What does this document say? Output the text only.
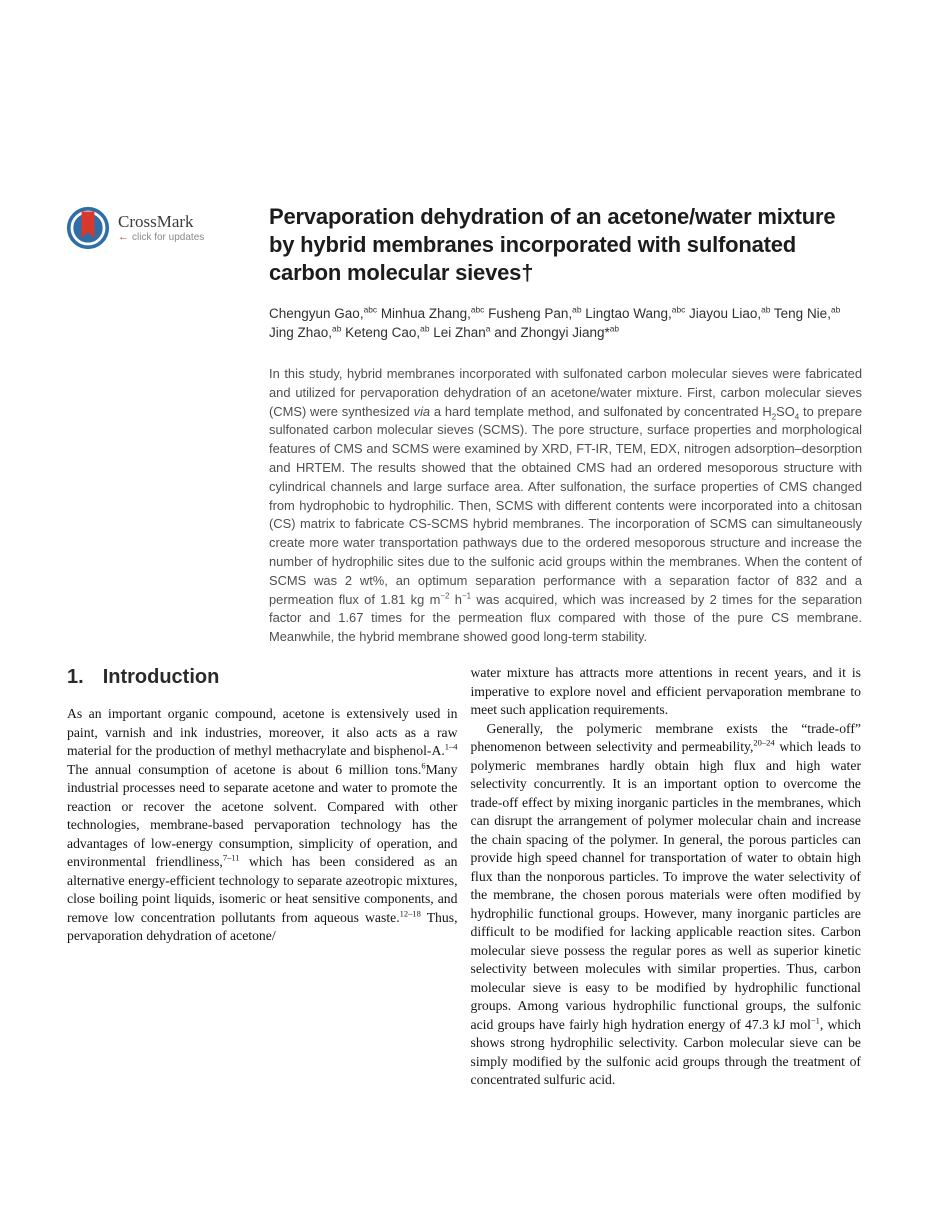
CrossMark
← click for updates
Pervaporation dehydration of an acetone/water mixture by hybrid membranes incorporated with sulfonated carbon molecular sieves†

Chengyun Gao,$^{abc}$ Minhua Zhang,$^{abc}$ Fusheng Pan,$^{ab}$ Lingtao Wang,$^{abc}$ Jiayou Liao,$^{ab}$ Teng Nie,$^{ab}$ Jing Zhao,$^{ab}$ Keteng Cao,$^{ab}$ Lei Zhan$^a$ and Zhongyi Jiang*$^{ab}$

In this study, hybrid membranes incorporated with sulfonated carbon molecular sieves were fabricated and utilized for pervaporation dehydration of an acetone/water mixture. First, carbon molecular sieves (CMS) were synthesized via a hard template method, and sulfonated by concentrated $H_2SO_4$ to prepare sulfonated carbon molecular sieves (SCMS). The pore structure, surface properties and morphological features of CMS and SCMS were examined by XRD, FT-IR, TEM, EDX, nitrogen adsorption–desorption and HRTEM. The results showed that the obtained CMS had an ordered mesoporous structure with cylindrical channels and large surface area. After sulfonation, the surface properties of CMS changed from hydrophobic to hydrophilic. Then, SCMS with different contents were incorporated into a chitosan (CS) matrix to fabricate CS-SCMS hybrid membranes. The incorporation of SCMS can simultaneously create more water transportation pathways due to the ordered mesoporous structure and increase the number of hydrophilic sites due to the sulfonic acid groups within the membranes. When the content of SCMS was 2 wt%, an optimum separation performance with a separation factor of 832 and a permeation flux of 1.81 kg $m^{-2}$ $h^{-1}$ was acquired, which was increased by 2 times for the separation factor and 1.67 times for the permeation flux compared with those of the pure CS membrane. Meanwhile, the hybrid membrane showed good long-term stability.

1. Introduction

As an important organic compound, acetone is extensively used in paint, varnish and ink industries, moreover, it also acts as a raw material for the production of methyl methacrylate and bisphenol-A.$^{1-4}$ The annual consumption of acetone is about 6 million tons.$^6$Many industrial processes need to separate acetone and water to promote the reaction or recover the acetone solvent. Compared with other technologies, membrane-based pervaporation technology has the advantages of low-energy consumption, simplicity of operation, and environmental friendliness,$^{7-11}$ which has been considered as an alternative energy-efficient technology to separate azeotropic mixtures, close boiling point liquids, isomeric or heat sensitive components, and remove low concentration pollutants from aqueous waste.$^{12-18}$ Thus, pervaporation dehydration of acetone/

water mixture has attracts more attentions in recent years, and it is imperative to explore novel and efficient pervaporation membrane to meet such application requirements.

Generally, the polymeric membrane exists the “trade-off” phenomenon between selectivity and permeability,$^{20-24}$ which leads to polymeric membranes hardly obtain high flux and high water selectivity concurrently. It is an important option to overcome the trade-off effect by mixing inorganic particles in the membranes, which can disrupt the arrangement of polymer molecular chain and increase the chain spacing of the polymer. In general, the porous particles can provide high speed channel for transportation of water to obtain high flux than the nonporous particles. To improve the water selectivity of the membrane, the chosen porous materials were often modified by hydrophilic functional groups. However, many inorganic particles are difficult to be modified for lacking applicable reaction sites. Carbon molecular sieve possess the regular pores as well as superior kinetic selectivity between molecules with similar properties. Thus, carbon molecular sieve is easy to be modified by hydrophilic functional groups. Among various hydrophilic functional groups, the sulfonic acid groups have fairly high hydration energy of 47.3 kJ mol$^{-1}$, which shows strong hydrophilic selectivity. Carbon molecular sieve can be simply modified by the sulfonic acid groups through the treatment of concentrated sulfuric acid.
